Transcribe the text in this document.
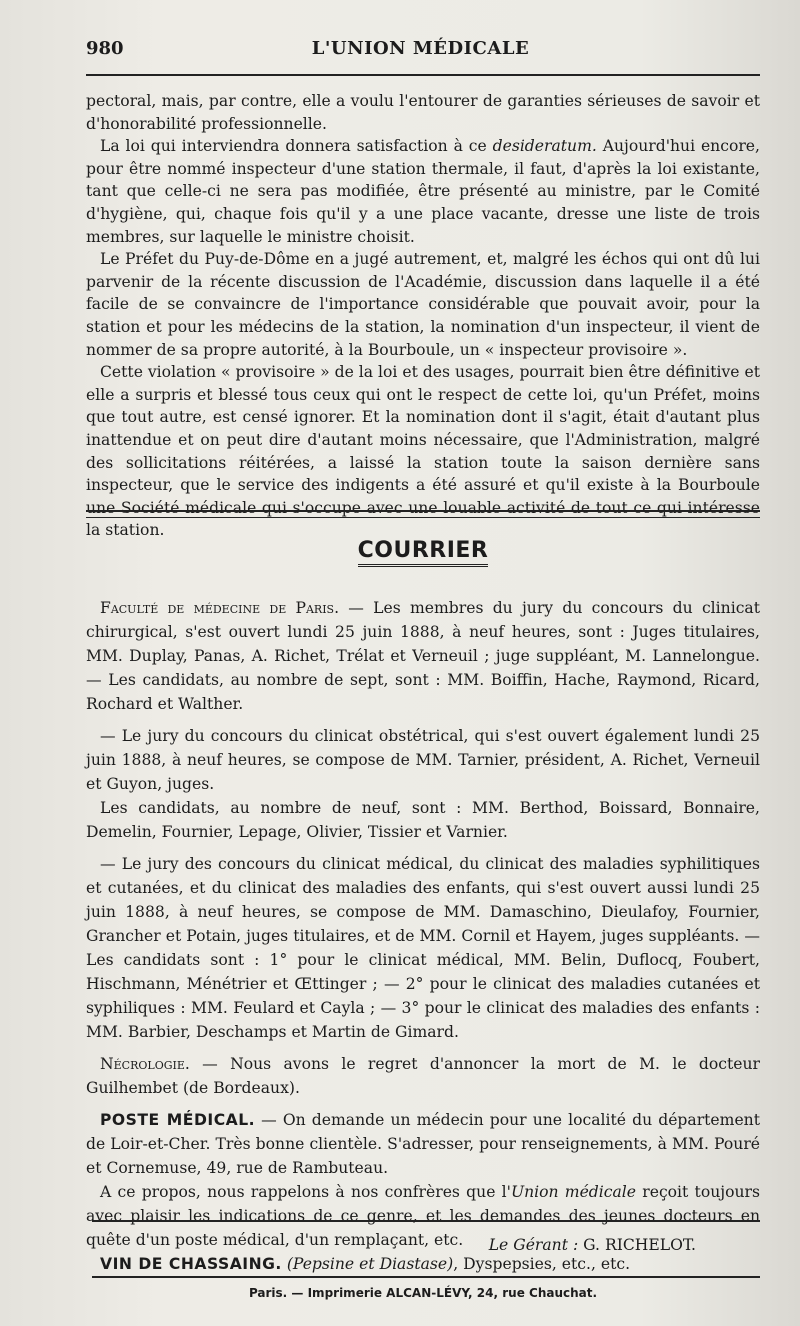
980	L'UNION MÉDICALE

pectoral, mais, par contre, elle a voulu l'entourer de garanties sérieuses de savoir et d'honorabilité professionnelle.

La loi qui interviendra donnera satisfaction à ce desideratum. Aujourd'hui encore, pour être nommé inspecteur d'une station thermale, il faut, d'après la loi existante, tant que celle-ci ne sera pas modifiée, être présenté au ministre, par le Comité d'hygiène, qui, chaque fois qu'il y a une place vacante, dresse une liste de trois membres, sur laquelle le ministre choisit.

Le Préfet du Puy-de-Dôme en a jugé autrement, et, malgré les échos qui ont dû lui parvenir de la récente discussion de l'Académie, discussion dans laquelle il a été facile de se convaincre de l'importance considérable que pouvait avoir, pour la station et pour les médecins de la station, la nomination d'un inspecteur, il vient de nommer de sa propre autorité, à la Bourboule, un « inspecteur provisoire ».

Cette violation « provisoire » de la loi et des usages, pourrait bien être définitive et elle a surpris et blessé tous ceux qui ont le respect de cette loi, qu'un Préfet, moins que tout autre, est censé ignorer. Et la nomination dont il s'agit, était d'autant plus inattendue et on peut dire d'autant moins nécessaire, que l'Administration, malgré des sollicitations réitérées, a laissé la station toute la saison dernière sans inspecteur, que le service des indigents a été assuré et qu'il existe à la Bourboule une Société médicale qui s'occupe avec une louable activité de tout ce qui intéresse la station.

COURRIER

Faculté de médecine de Paris. — Les membres du jury du concours du clinicat chirurgical, s'est ouvert lundi 25 juin 1888, à neuf heures, sont : Juges titulaires, MM. Duplay, Panas, A. Richet, Trélat et Verneuil ; juge suppléant, M. Lannelongue. — Les candidats, au nombre de sept, sont : MM. Boiffin, Hache, Raymond, Ricard, Rochard et Walther.

— Le jury du concours du clinicat obstétrical, qui s'est ouvert également lundi 25 juin 1888, à neuf heures, se compose de MM. Tarnier, président, A. Richet, Verneuil et Guyon, juges.

Les candidats, au nombre de neuf, sont : MM. Berthod, Boissard, Bonnaire, Demelin, Fournier, Lepage, Olivier, Tissier et Varnier.

— Le jury des concours du clinicat médical, du clinicat des maladies syphilitiques et cutanées, et du clinicat des maladies des enfants, qui s'est ouvert aussi lundi 25 juin 1888, à neuf heures, se compose de MM. Damaschino, Dieulafoy, Fournier, Grancher et Potain, juges titulaires, et de MM. Cornil et Hayem, juges suppléants. — Les candidats sont : 1° pour le clinicat médical, MM. Belin, Duflocq, Foubert, Hischmann, Ménétrier et Œttinger ; — 2° pour le clinicat des maladies cutanées et syphiliques : MM. Feulard et Cayla ; — 3° pour le clinicat des maladies des enfants : MM. Barbier, Deschamps et Martin de Gimard.

Nécrologie. — Nous avons le regret d'annoncer la mort de M. le docteur Guilhembet (de Bordeaux).

POSTE MÉDICAL. — On demande un médecin pour une localité du département de Loir-et-Cher. Très bonne clientèle. S'adresser, pour renseignements, à MM. Pouré et Cornemuse, 49, rue de Rambuteau.

A ce propos, nous rappelons à nos confrères que l'Union médicale reçoit toujours avec plaisir les indications de ce genre, et les demandes des jeunes docteurs en quête d'un poste médical, d'un remplaçant, etc.

VIN DE CHASSAING. (Pepsine et Diastase), Dyspepsies, etc., etc.

Le Gérant : G. RICHELOT.
Paris. — Imprimerie ALCAN-LÉVY, 24, rue Chauchat.
